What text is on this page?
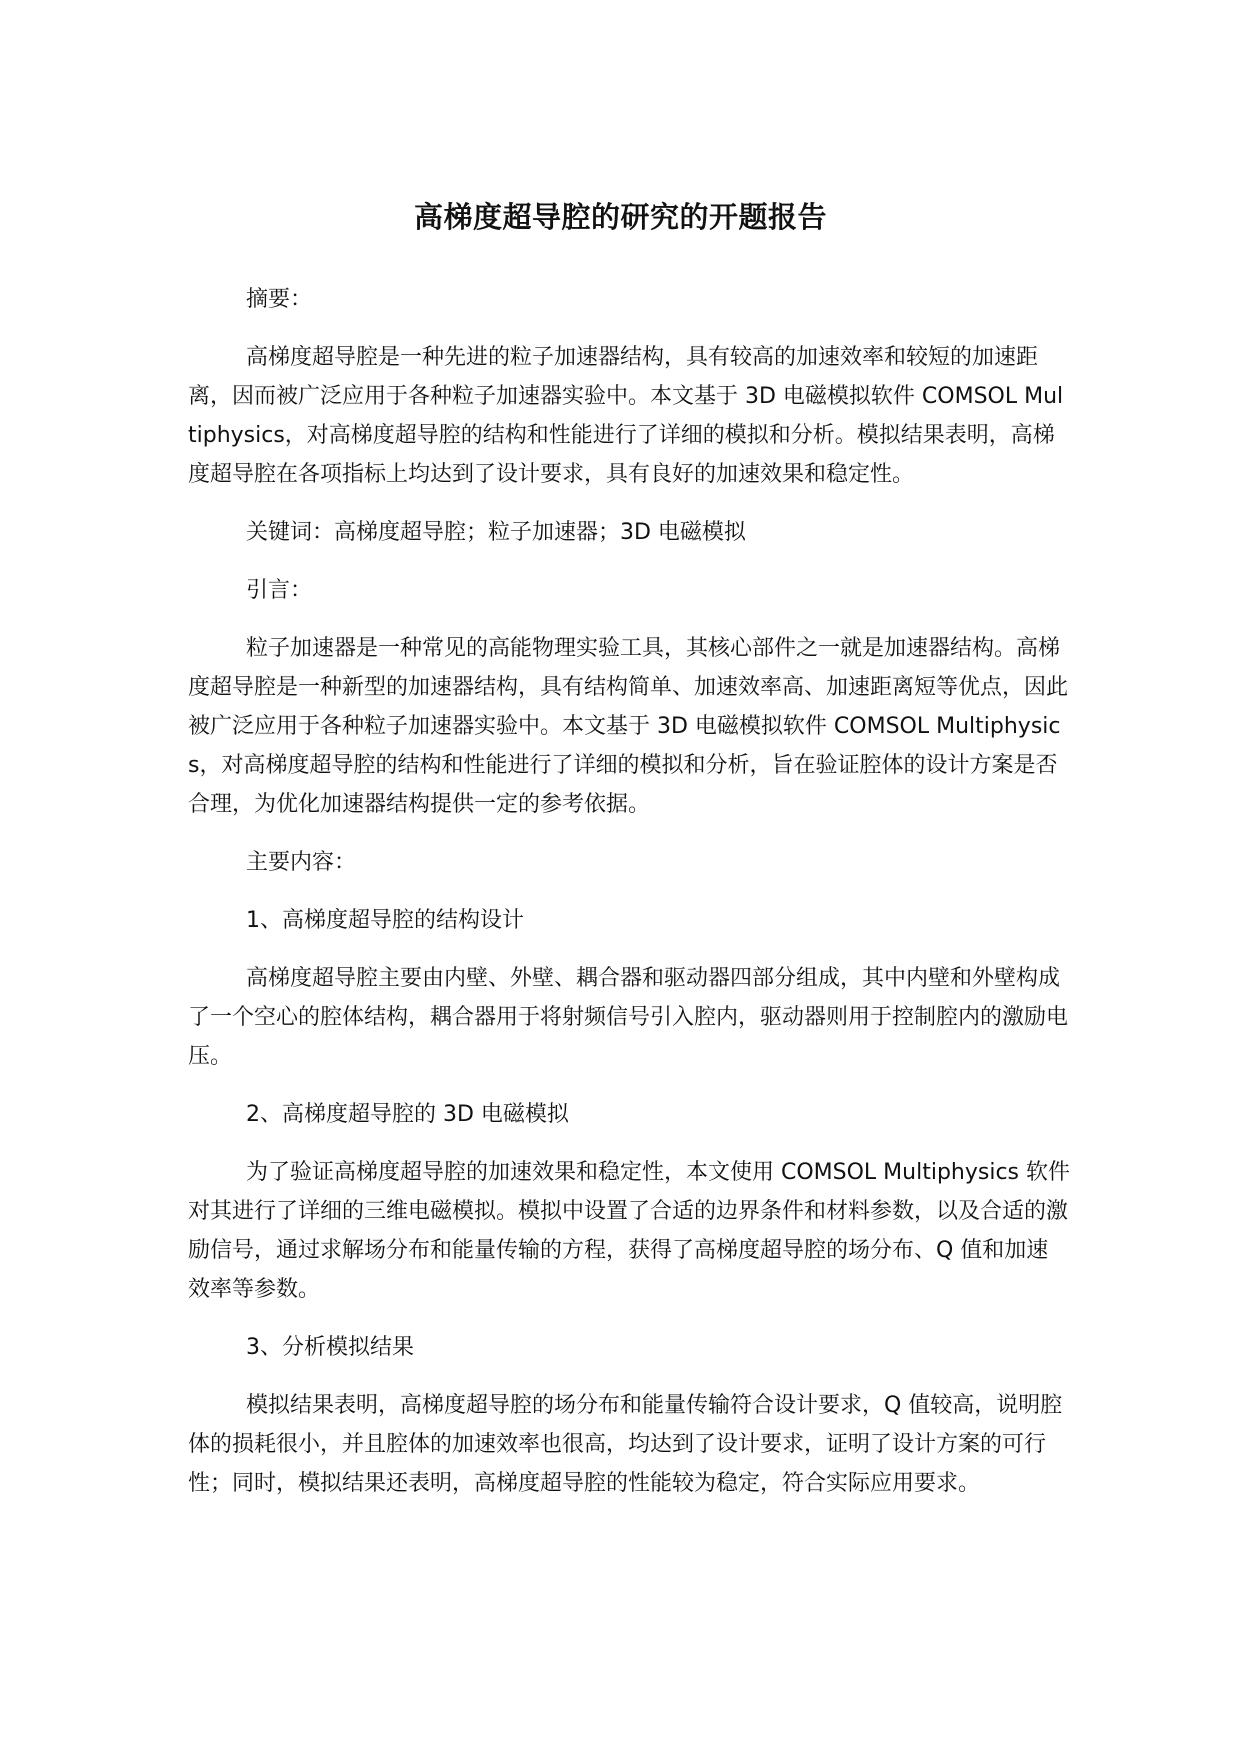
高梯度超导腔的研究的开题报告

摘要：

高梯度超导腔是一种先进的粒子加速器结构，具有较高的加速效率和较短的加速距离，因而被广泛应用于各种粒子加速器实验中。本文基于 3D 电磁模拟软件 COMSOL Multiphysics，对高梯度超导腔的结构和性能进行了详细的模拟和分析。模拟结果表明，高梯度超导腔在各项指标上均达到了设计要求，具有良好的加速效果和稳定性。

关键词：高梯度超导腔；粒子加速器；3D 电磁模拟

引言：

粒子加速器是一种常见的高能物理实验工具，其核心部件之一就是加速器结构。高梯度超导腔是一种新型的加速器结构，具有结构简单、加速效率高、加速距离短等优点，因此被广泛应用于各种粒子加速器实验中。本文基于 3D 电磁模拟软件 COMSOL Multiphysics，对高梯度超导腔的结构和性能进行了详细的模拟和分析，旨在验证腔体的设计方案是否合理，为优化加速器结构提供一定的参考依据。

主要内容：

1、高梯度超导腔的结构设计

高梯度超导腔主要由内壁、外壁、耦合器和驱动器四部分组成，其中内壁和外壁构成了一个空心的腔体结构，耦合器用于将射频信号引入腔内，驱动器则用于控制腔内的激励电压。

2、高梯度超导腔的 3D 电磁模拟

为了验证高梯度超导腔的加速效果和稳定性，本文使用 COMSOL Multiphysics 软件对其进行了详细的三维电磁模拟。模拟中设置了合适的边界条件和材料参数，以及合适的激励信号，通过求解场分布和能量传输的方程，获得了高梯度超导腔的场分布、Q 值和加速效率等参数。

3、分析模拟结果

模拟结果表明，高梯度超导腔的场分布和能量传输符合设计要求，Q 值较高，说明腔体的损耗很小，并且腔体的加速效率也很高，均达到了设计要求，证明了设计方案的可行性；同时，模拟结果还表明，高梯度超导腔的性能较为稳定，符合实际应用要求。
